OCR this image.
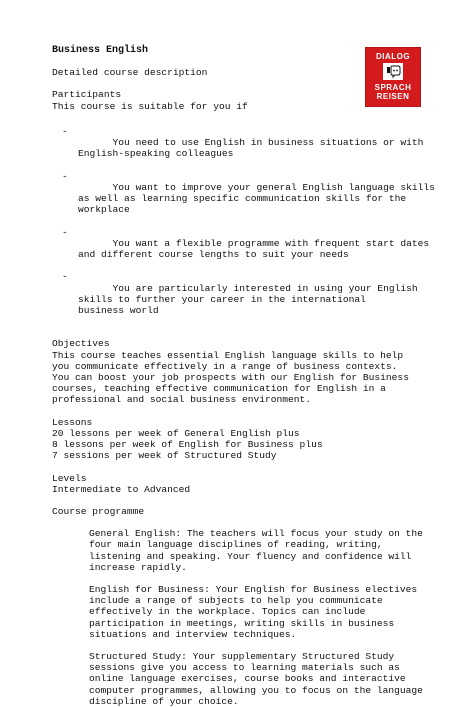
DIALOG
SPRACH
REISEN
Business English
Detailed course description
Participants
This course is suitable for you if

-
You need to use English in business situations or with
English-speaking colleagues

-
You want to improve your general English language skills
as well as learning specific communication skills for the
workplace

-
You want a flexible programme with frequent start dates
and different course lengths to suit your needs

-
You are particularly interested in using your English
skills to further your career in the international
business world

Objectives
This course teaches essential English language skills to help
you communicate effectively in a range of business contexts.
You can boost your job prospects with our English for Business
courses, teaching effective communication for English in a
professional and social business environment.
Lessons
20 lessons per week of General English plus
8 lessons per week of English for Business plus
7 sessions per week of Structured Study
Levels
Intermediate to Advanced
Course programme
General English: The teachers will focus your study on the
four main language disciplines of reading, writing,
listening and speaking. Your fluency and confidence will
increase rapidly.
English for Business: Your English for Business electives
include a range of subjects to help you communicate
effectively in the workplace. Topics can include
participation in meetings, writing skills in business
situations and interview techniques.
Structured Study: Your supplementary Structured Study
sessions give you access to learning materials such as
online language exercises, course books and interactive
computer programmes, allowing you to focus on the language
discipline of your choice.
